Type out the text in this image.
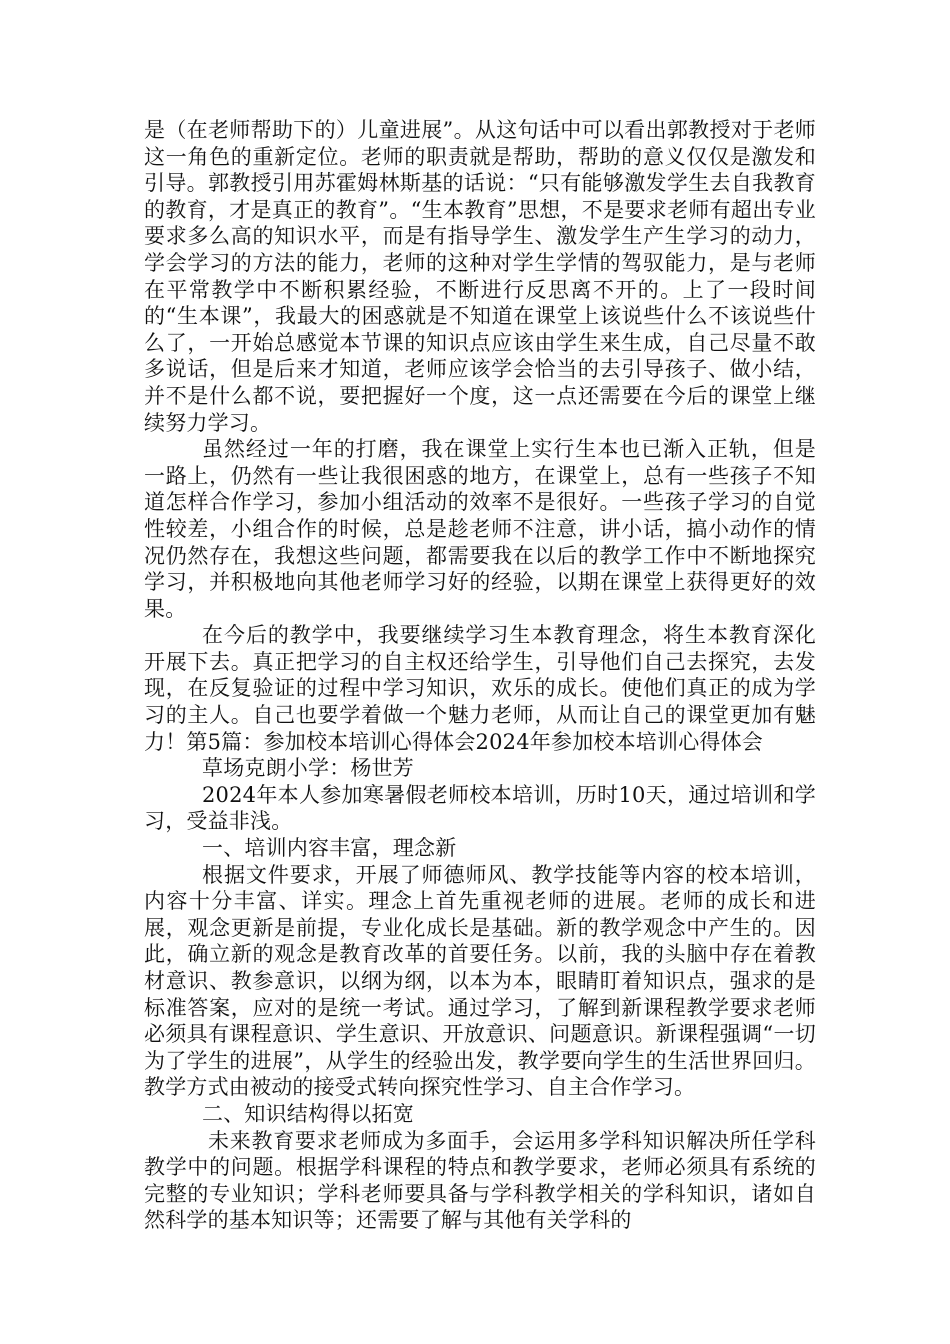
是（在老师帮助下的）儿童进展”。从这句话中可以看出郭教授对于老师这一角色的重新定位。老师的职责就是帮助，帮助的意义仅仅是激发和引导。郭教授引用苏霍姆林斯基的话说：“只有能够激发学生去自我教育的教育，才是真正的教育”。“生本教育”思想，不是要求老师有超出专业要求多么高的知识水平，而是有指导学生、激发学生产生学习的动力，学会学习的方法的能力，老师的这种对学生学情的驾驭能力，是与老师在平常教学中不断积累经验，不断进行反思离不开的。上了一段时间的“生本课”，我最大的困惑就是不知道在课堂上该说些什么不该说些什么了，一开始总感觉本节课的知识点应该由学生来生成，自己尽量不敢多说话，但是后来才知道，老师应该学会恰当的去引导孩子、做小结，并不是什么都不说，要把握好一个度，这一点还需要在今后的课堂上继续努力学习。

虽然经过一年的打磨，我在课堂上实行生本也已渐入正轨，但是一路上，仍然有一些让我很困惑的地方，在课堂上，总有一些孩子不知道怎样合作学习，参加小组活动的效率不是很好。一些孩子学习的自觉性较差，小组合作的时候，总是趁老师不注意，讲小话，搞小动作的情况仍然存在，我想这些问题，都需要我在以后的教学工作中不断地探究学习，并积极地向其他老师学习好的经验，以期在课堂上获得更好的效果。

在今后的教学中，我要继续学习生本教育理念，将生本教育深化开展下去。真正把学习的自主权还给学生，引导他们自己去探究，去发现，在反复验证的过程中学习知识，欢乐的成长。使他们真正的成为学习的主人。自己也要学着做一个魅力老师，从而让自己的课堂更加有魅力！第5篇：参加校本培训心得体会2024年参加校本培训心得体会

草场克朗小学：杨世芳

2024年本人参加寒暑假老师校本培训，历时10天，通过培训和学习，受益非浅。

一、培训内容丰富，理念新

根据文件要求，开展了师德师风、教学技能等内容的校本培训，内容十分丰富、详实。理念上首先重视老师的进展。老师的成长和进展，观念更新是前提，专业化成长是基础。新的教学观念中产生的。因此，确立新的观念是教育改革的首要任务。以前，我的头脑中存在着教材意识、教参意识，以纲为纲，以本为本，眼睛盯着知识点，强求的是标准答案，应对的是统一考试。通过学习，了解到新课程教学要求老师必须具有课程意识、学生意识、开放意识、问题意识。新课程强调“一切为了学生的进展”，从学生的经验出发，教学要向学生的生活世界回归。教学方式由被动的接受式转向探究性学习、自主合作学习。

二、知识结构得以拓宽

未来教育要求老师成为多面手，会运用多学科知识解决所任学科教学中的问题。根据学科课程的特点和教学要求，老师必须具有系统的完整的专业知识；学科老师要具备与学科教学相关的学科知识，诸如自然科学的基本知识等；还需要了解与其他有关学科的
